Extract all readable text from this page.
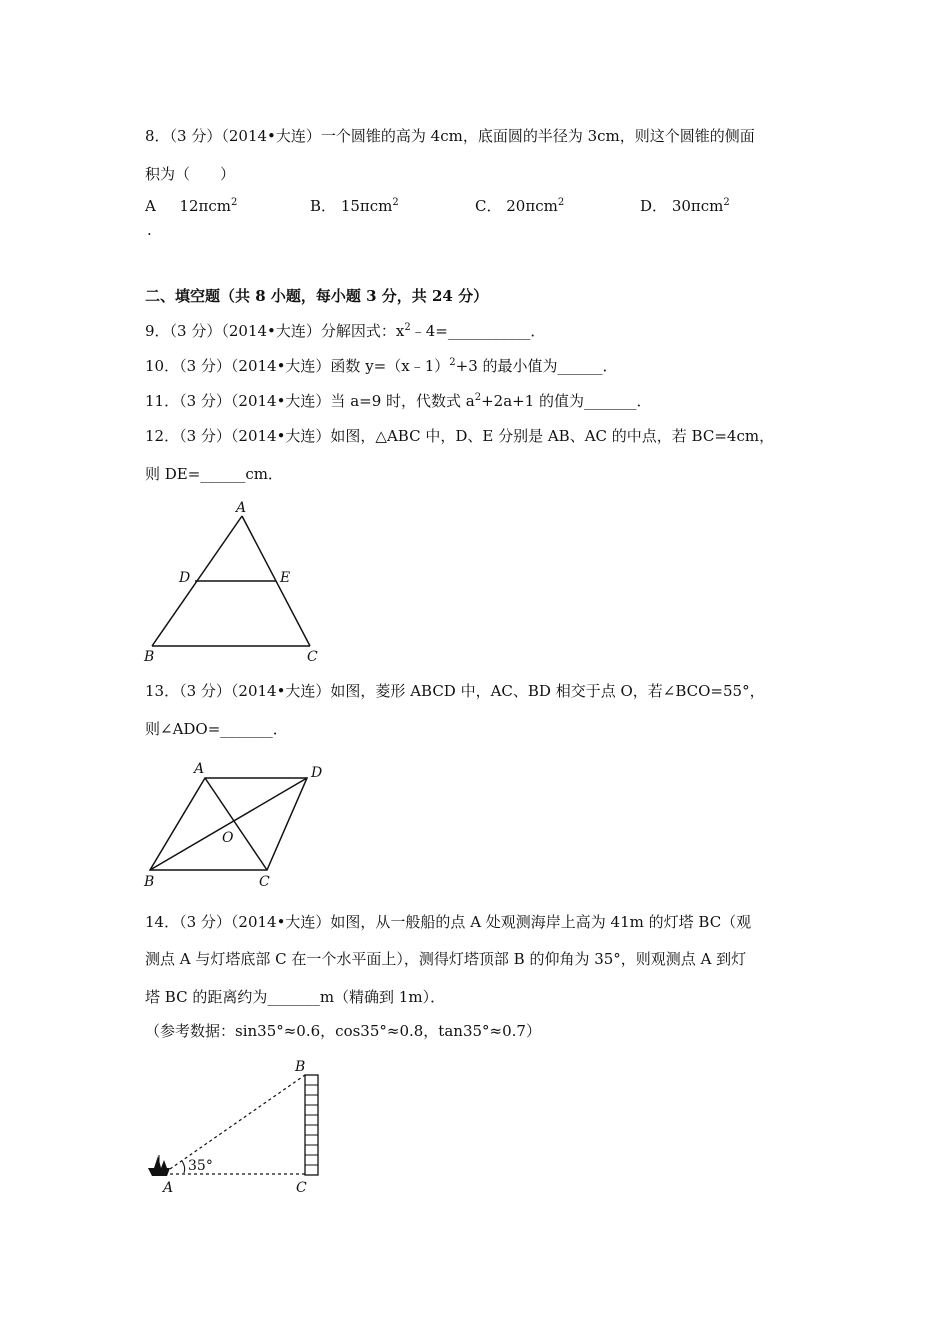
8．（3 分）（2014•大连）一个圆锥的高为 4cm，底面圆的半径为 3cm，则这个圆锥的侧面
积为（　　）
A 12πcm$^2$	B． 15πcm$^2$	C． 20πcm$^2$	D． 30πcm$^2$
.
二、填空题（共 8 小题，每小题 3 分，共 24 分）
9．（3 分）（2014•大连）分解因式：$x^2﹣4=\_\_\_\_\_\_\_\_\_\_\_$．
10．（3 分）（2014•大连）函数 y=（x﹣1）$^2$+3 的最小值为______．
11．（3 分）（2014•大连）当 a=9 时，代数式 $a^2+2a+1$ 的值为_______．
12．（3 分）（2014•大连）如图，△ABC 中，D、E 分别是 AB、AC 的中点，若 BC=4cm，
则 DE=______cm．
A
D	E
B	C
13．（3 分）（2014•大连）如图，菱形 ABCD 中，AC、BD 相交于点 O，若∠BCO=55°，
则∠ADO=_______．
A	D
O
B	C
14．（3 分）（2014•大连）如图，从一般船的点 A 处观测海岸上高为 41m 的灯塔 BC（观
测点 A 与灯塔底部 C 在一个水平面上），测得灯塔顶部 B 的仰角为 35°，则观测点 A 到灯
塔 BC 的距离约为_______m（精确到 1m）．
（参考数据：sin35°≈0.6，cos35°≈0.8，tan35°≈0.7）
35°
B
A	C
